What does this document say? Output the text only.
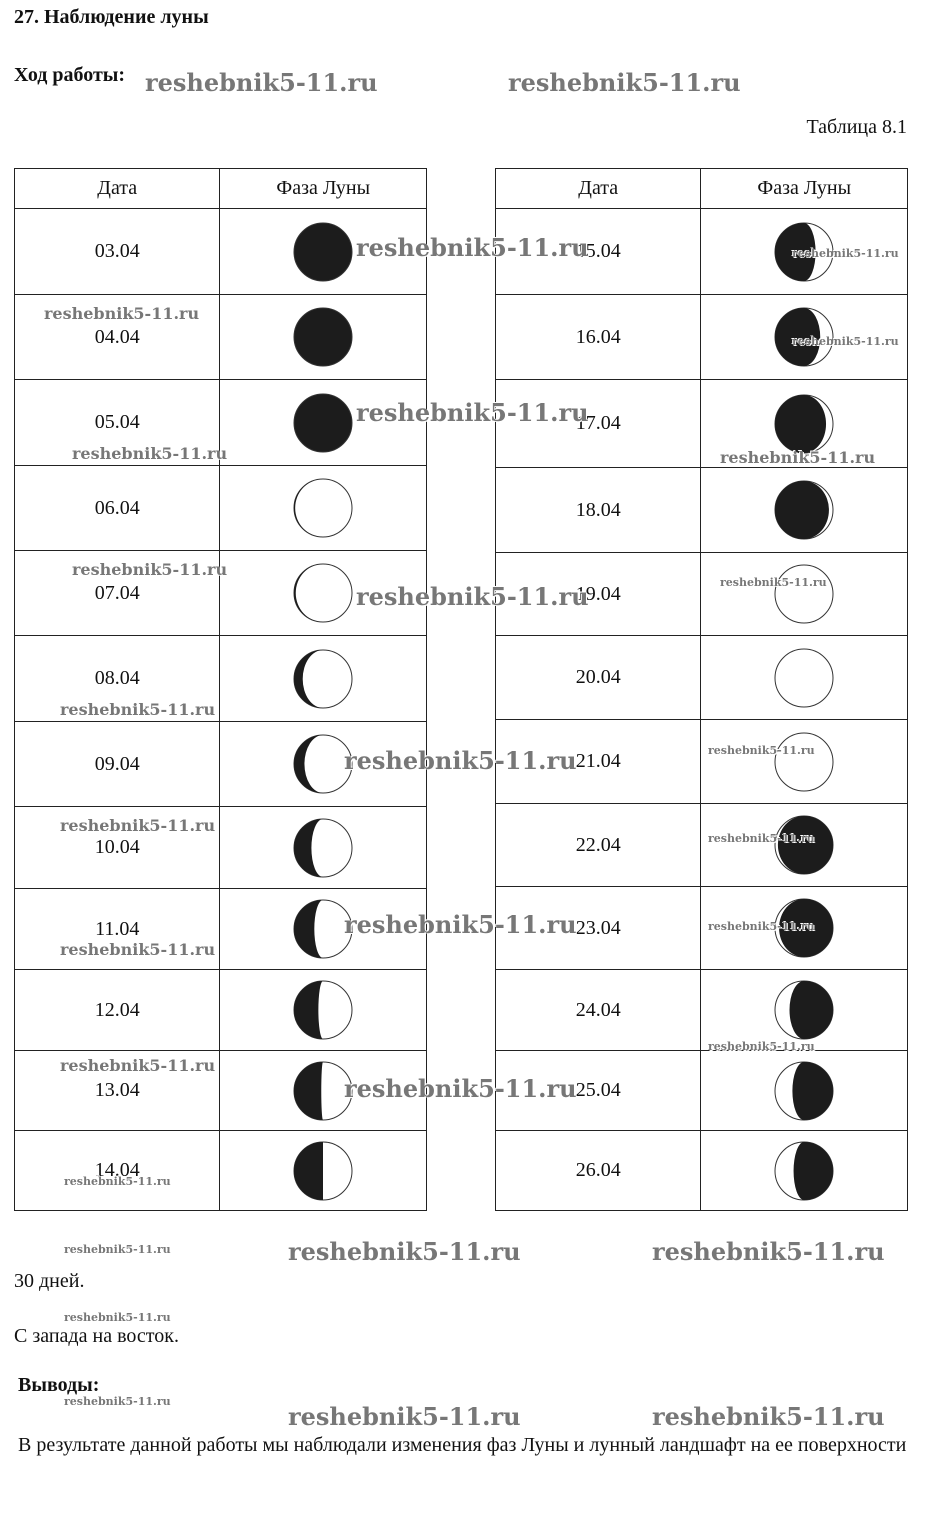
27. Наблюдение луны
Ход работы:
Таблица 8.1
Дата	Фаза Луны
03.04	

04.04	

05.04	

06.04	

07.04	

08.04	

09.04	

10.04	

11.04	

12.04	

13.04	

14.04	
Дата	Фаза Луны
15.04	

16.04	

17.04	

18.04	

19.04	

20.04	

21.04	

22.04	

23.04	

24.04	

25.04	

26.04	
30 дней.
С запада на восток.
Выводы:
В результате данной работы мы наблюдали изменения фаз Луны и лунный ландшафт на ее поверхности
reshebnik5-11.ru	reshebnik5-11.ru
reshebnik5-11.ru
reshebnik5-11.ru
reshebnik5-11.ru
reshebnik5-11.ru
reshebnik5-11.ru
reshebnik5-11.ru
reshebnik5-11.ru	reshebnik5-11.ru
reshebnik5-11.ru	reshebnik5-11.ru
reshebnik5-11.ru
reshebnik5-11.ru
reshebnik5-11.ru
reshebnik5-11.ru
reshebnik5-11.ru
reshebnik5-11.ru
reshebnik5-11.ru
reshebnik5-11.ru
reshebnik5-11.ru
reshebnik5-11.ru
reshebnik5-11.ru
reshebnik5-11.ru
reshebnik5-11.ru
reshebnik5-11.ru
reshebnik5-11.ru
reshebnik5-11.ru
reshebnik5-11.ru
reshebnik5-11.ru
reshebnik5-11.ru
